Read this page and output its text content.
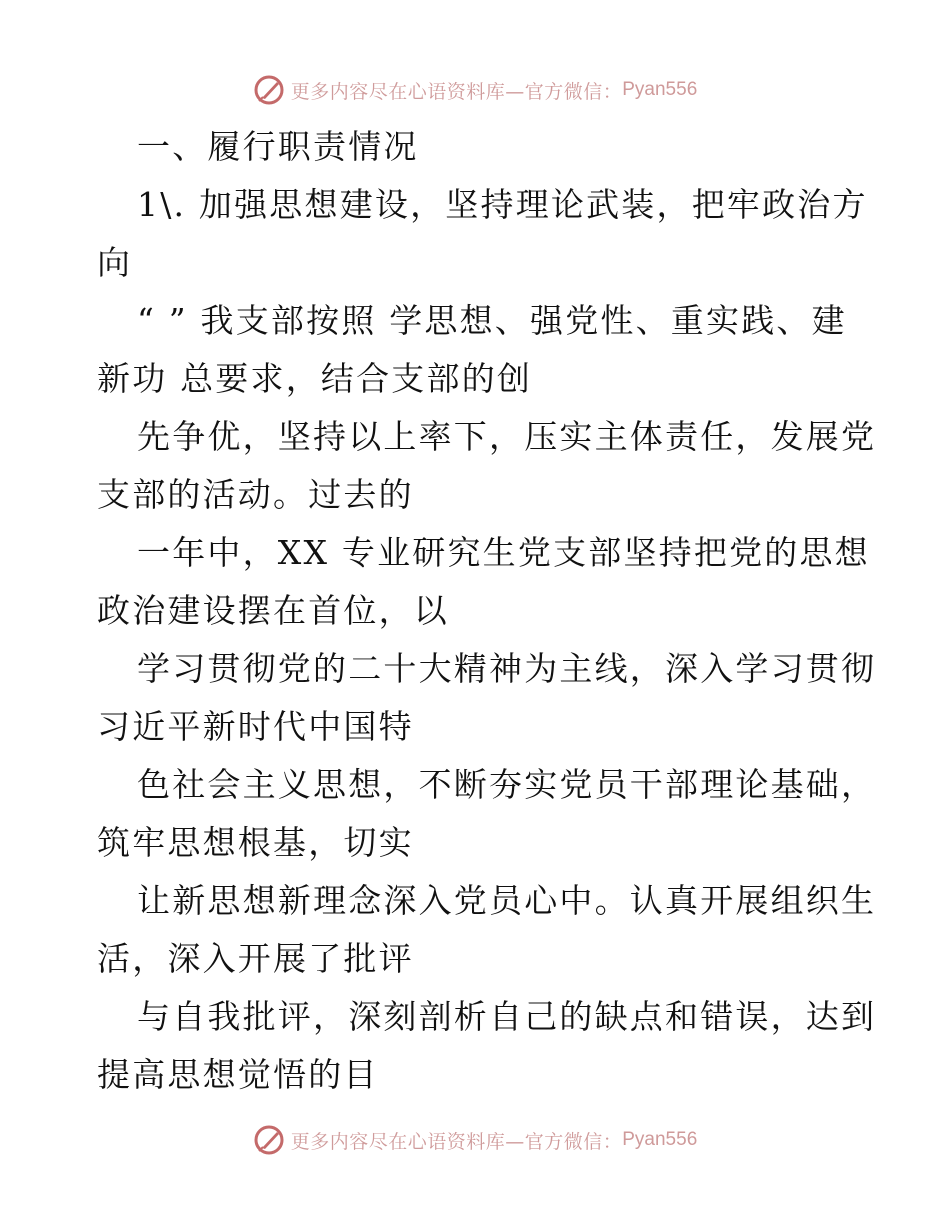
更多内容尽在心语资料库—官方微信： Pyan556
一、履行职责情况
1\. 加强思想建设，坚持理论武装，把牢政治方
向
“ ” 我支部按照 学思想、强党性、重实践、建
新功 总要求，结合支部的创
先争优，坚持以上率下，压实主体责任，发展党
支部的活动。过去的
一年中，XX 专业研究生党支部坚持把党的思想
政治建设摆在首位，以
学习贯彻党的二十大精神为主线，深入学习贯彻
习近平新时代中国特
色社会主义思想，不断夯实党员干部理论基础，
筑牢思想根基，切实
让新思想新理念深入党员心中。认真开展组织生
活，深入开展了批评
与自我批评，深刻剖析自己的缺点和错误，达到
提高思想觉悟的目
更多内容尽在心语资料库—官方微信： Pyan556
